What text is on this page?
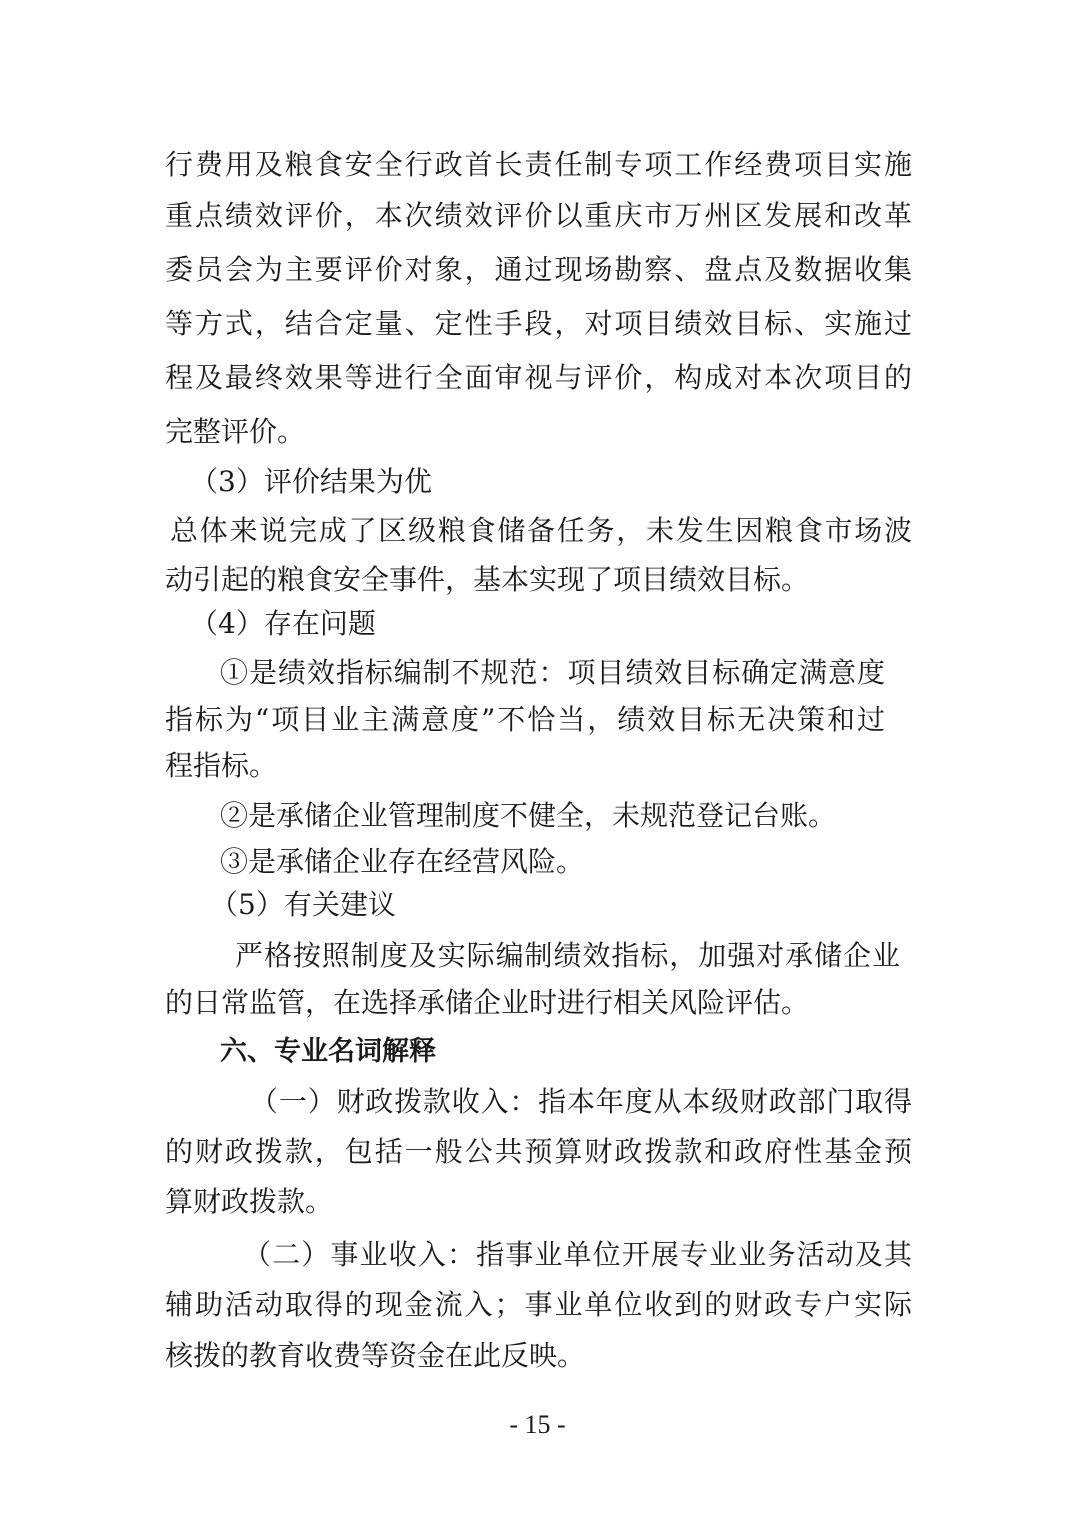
行费用及粮食安全行政首长责任制专项工作经费项目实施
重点绩效评价，本次绩效评价以重庆市万州区发展和改革
委员会为主要评价对象，通过现场勘察、盘点及数据收集
等方式，结合定量、定性手段，对项目绩效目标、实施过
程及最终效果等进行全面审视与评价，构成对本次项目的
完整评价。
（3）评价结果为优
总体来说完成了区级粮食储备任务，未发生因粮食市场波
动引起的粮食安全事件，基本实现了项目绩效目标。
（4）存在问题
①是绩效指标编制不规范：项目绩效目标确定满意度
指标为“项目业主满意度”不恰当，绩效目标无决策和过
程指标。
②是承储企业管理制度不健全，未规范登记台账。
③是承储企业存在经营风险。
（5）有关建议
严格按照制度及实际编制绩效指标，加强对承储企业
的日常监管，在选择承储企业时进行相关风险评估。
六、专业名词解释
（一）财政拨款收入：指本年度从本级财政部门取得
的财政拨款，包括一般公共预算财政拨款和政府性基金预
算财政拨款。
（二）事业收入：指事业单位开展专业业务活动及其
辅助活动取得的现金流入；事业单位收到的财政专户实际
核拨的教育收费等资金在此反映。
- 15 -
